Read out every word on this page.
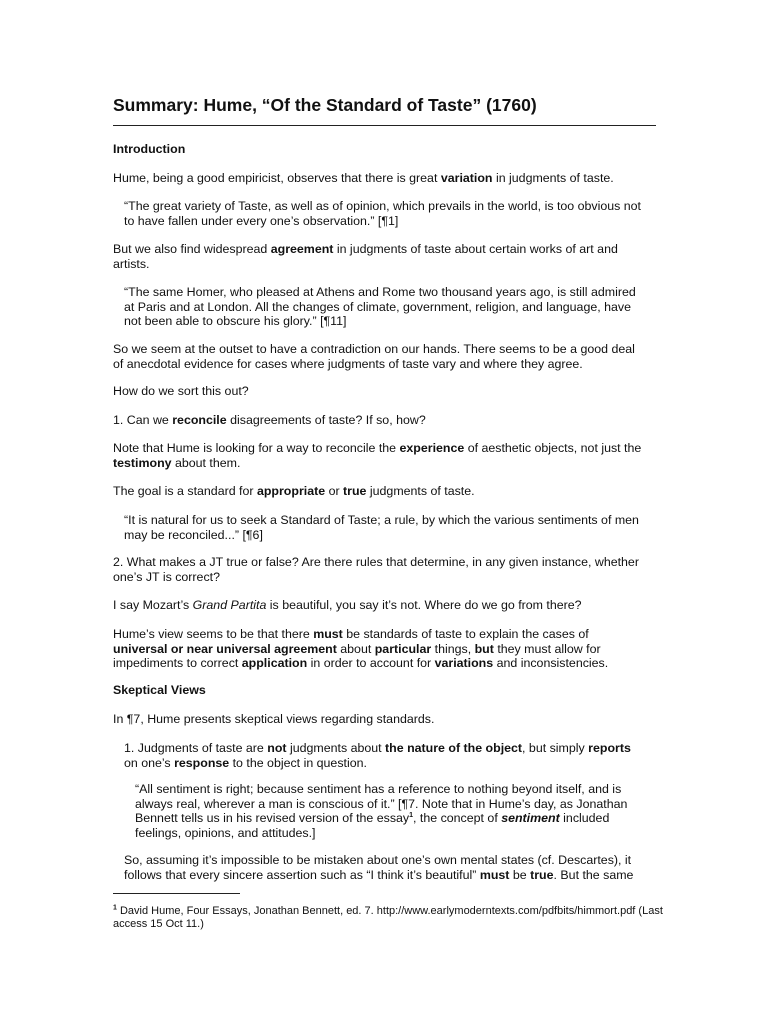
Summary: Hume, “Of the Standard of Taste” (1760)

Introduction

Hume, being a good empiricist, observes that there is great variation in judgments of taste.

“The great variety of Taste, as well as of opinion, which prevails in the world, is too obvious not to have fallen under every one’s observation.” [¶1]

But we also find widespread agreement in judgments of taste about certain works of art and artists.

“The same Homer, who pleased at Athens and Rome two thousand years ago, is still admired at Paris and at London. All the changes of climate, government, religion, and language, have not been able to obscure his glory.” [¶11]

So we seem at the outset to have a contradiction on our hands. There seems to be a good deal of anecdotal evidence for cases where judgments of taste vary and where they agree.

How do we sort this out?

1. Can we reconcile disagreements of taste? If so, how?

Note that Hume is looking for a way to reconcile the experience of aesthetic objects, not just the testimony about them.

The goal is a standard for appropriate or true judgments of taste.

“It is natural for us to seek a Standard of Taste; a rule, by which the various sentiments of men may be reconciled...” [¶6]

2. What makes a JT true or false? Are there rules that determine, in any given instance, whether one’s JT is correct?

I say Mozart’s Grand Partita is beautiful, you say it’s not. Where do we go from there?

Hume’s view seems to be that there must be standards of taste to explain the cases of universal or near universal agreement about particular things, but they must allow for impediments to correct application in order to account for variations and inconsistencies.

Skeptical Views

In ¶7, Hume presents skeptical views regarding standards.

1. Judgments of taste are not judgments about the nature of the object, but simply reports on one’s response to the object in question.

“All sentiment is right; because sentiment has a reference to nothing beyond itself, and is always real, wherever a man is conscious of it.” [¶7. Note that in Hume’s day, as Jonathan Bennett tells us in his revised version of the essay$^1$, the concept of sentiment included feelings, opinions, and attitudes.]

So, assuming it’s impossible to be mistaken about one’s own mental states (cf. Descartes), it follows that every sincere assertion such as “I think it’s beautiful” must be true. But the same

$^1$ David Hume, Four Essays, Jonathan Bennett, ed. 7. http://www.earlymoderntexts.com/pdfbits/himmort.pdf (Last access 15 Oct 11.)
